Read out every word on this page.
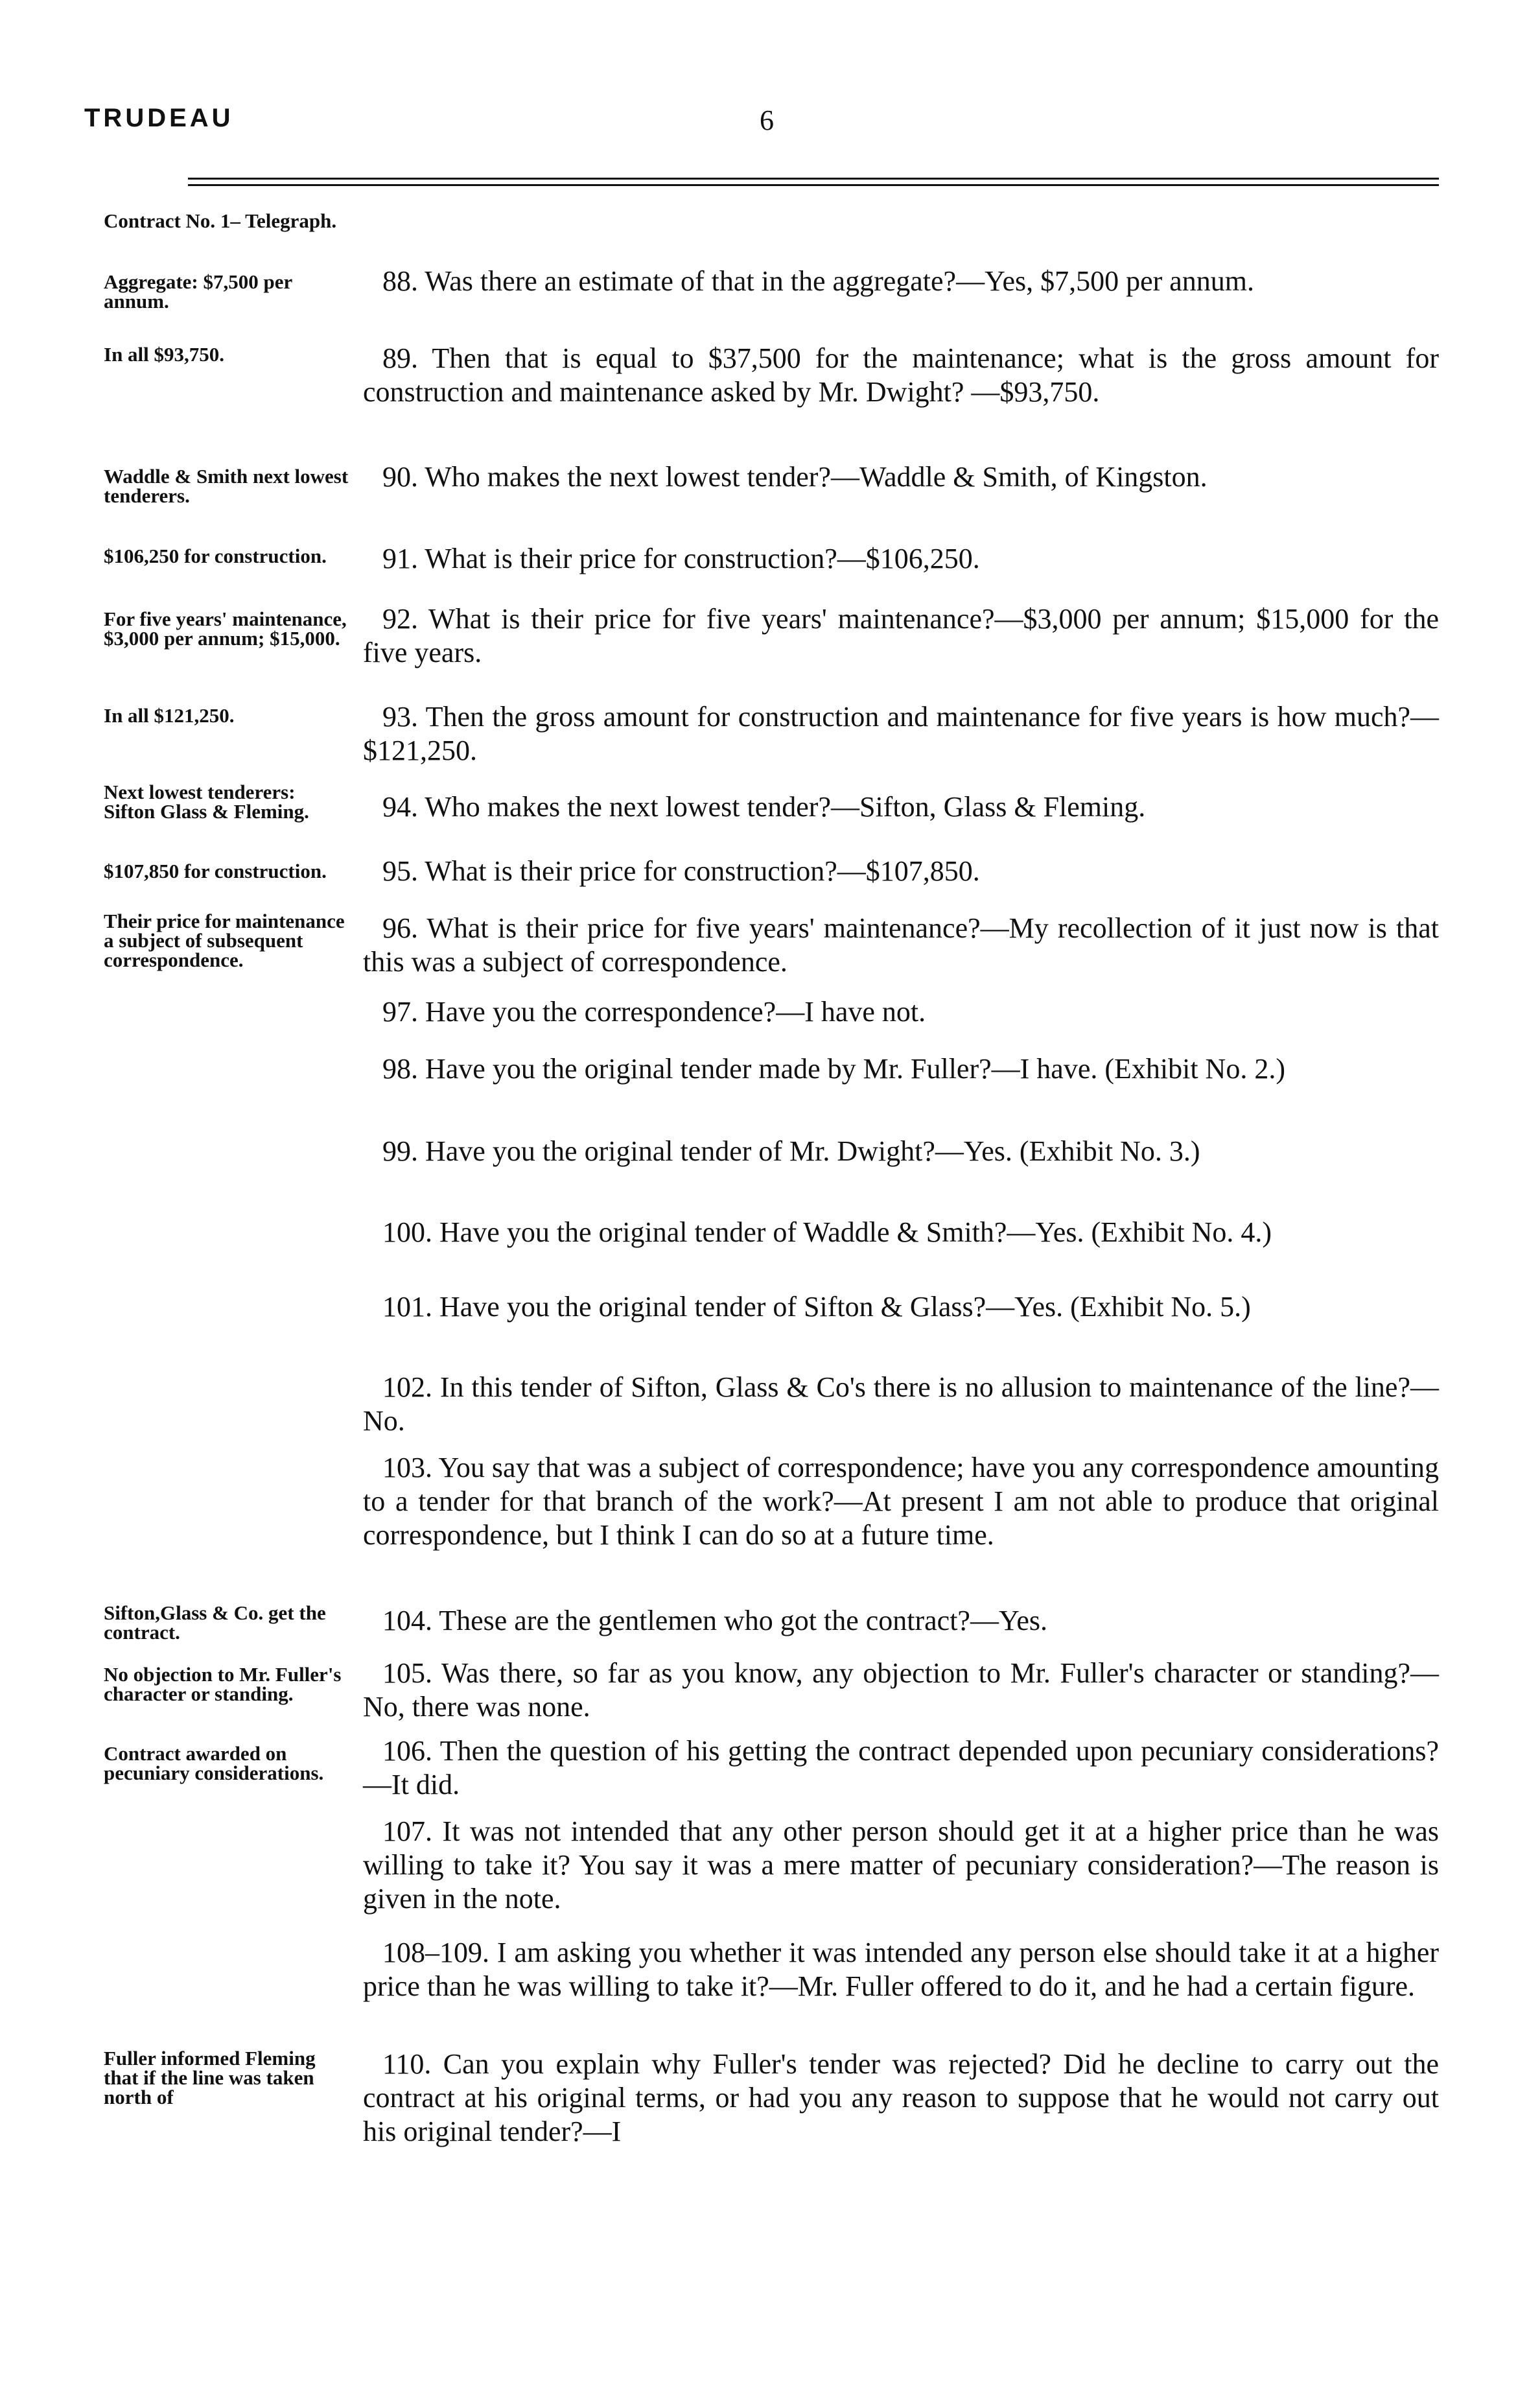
TRUDEAU	6
Contract No. 1– Telegraph.
Aggregate: $7,500 per annum.
In all $93,750.
Waddle & Smith next lowest tenderers.
$106,250 for construction.
For five years' maintenance, $3,000 per annum; $15,000.
In all $121,250.
Next lowest tenderers: Sifton Glass & Fleming.
$107,850 for construction.
Their price for maintenance a subject of subsequent correspondence.
Sifton,Glass & Co. get the contract.
No objection to Mr. Fuller's character or standing.
Contract awarded on pecuniary considerations.
Fuller informed Fleming that if the line was taken north of
88. Was there an estimate of that in the aggregate?—Yes, $7,500 per annum.
89. Then that is equal to $37,500 for the maintenance; what is the gross amount for construction and maintenance asked by Mr. Dwight? —$93,750.
90. Who makes the next lowest tender?—Waddle & Smith, of Kingston.
91. What is their price for construction?—$106,250.
92. What is their price for five years' maintenance?—$3,000 per annum; $15,000 for the five years.
93. Then the gross amount for construction and maintenance for five years is how much?—$121,250.
94. Who makes the next lowest tender?—Sifton, Glass & Fleming.
95. What is their price for construction?—$107,850.
96. What is their price for five years' maintenance?—My recollection of it just now is that this was a subject of correspondence.
97. Have you the correspondence?—I have not.
98. Have you the original tender made by Mr. Fuller?—I have. (Exhibit No. 2.)
99. Have you the original tender of Mr. Dwight?—Yes. (Exhibit No. 3.)
100. Have you the original tender of Waddle & Smith?—Yes. (Exhibit No. 4.)
101. Have you the original tender of Sifton & Glass?—Yes. (Exhibit No. 5.)
102. In this tender of Sifton, Glass & Co's there is no allusion to maintenance of the line?—No.
103. You say that was a subject of correspondence; have you any correspondence amounting to a tender for that branch of the work?—At present I am not able to produce that original correspondence, but I think I can do so at a future time.
104. These are the gentlemen who got the contract?—Yes.
105. Was there, so far as you know, any objection to Mr. Fuller's character or standing?—No, there was none.
106. Then the question of his getting the contract depended upon pecuniary considerations?—It did.
107. It was not intended that any other person should get it at a higher price than he was willing to take it? You say it was a mere matter of pecuniary consideration?—The reason is given in the note.
108–109. I am asking you whether it was intended any person else should take it at a higher price than he was willing to take it?—Mr. Fuller offered to do it, and he had a certain figure.
110. Can you explain why Fuller's tender was rejected? Did he decline to carry out the contract at his original terms, or had you any reason to suppose that he would not carry out his original tender?—I
